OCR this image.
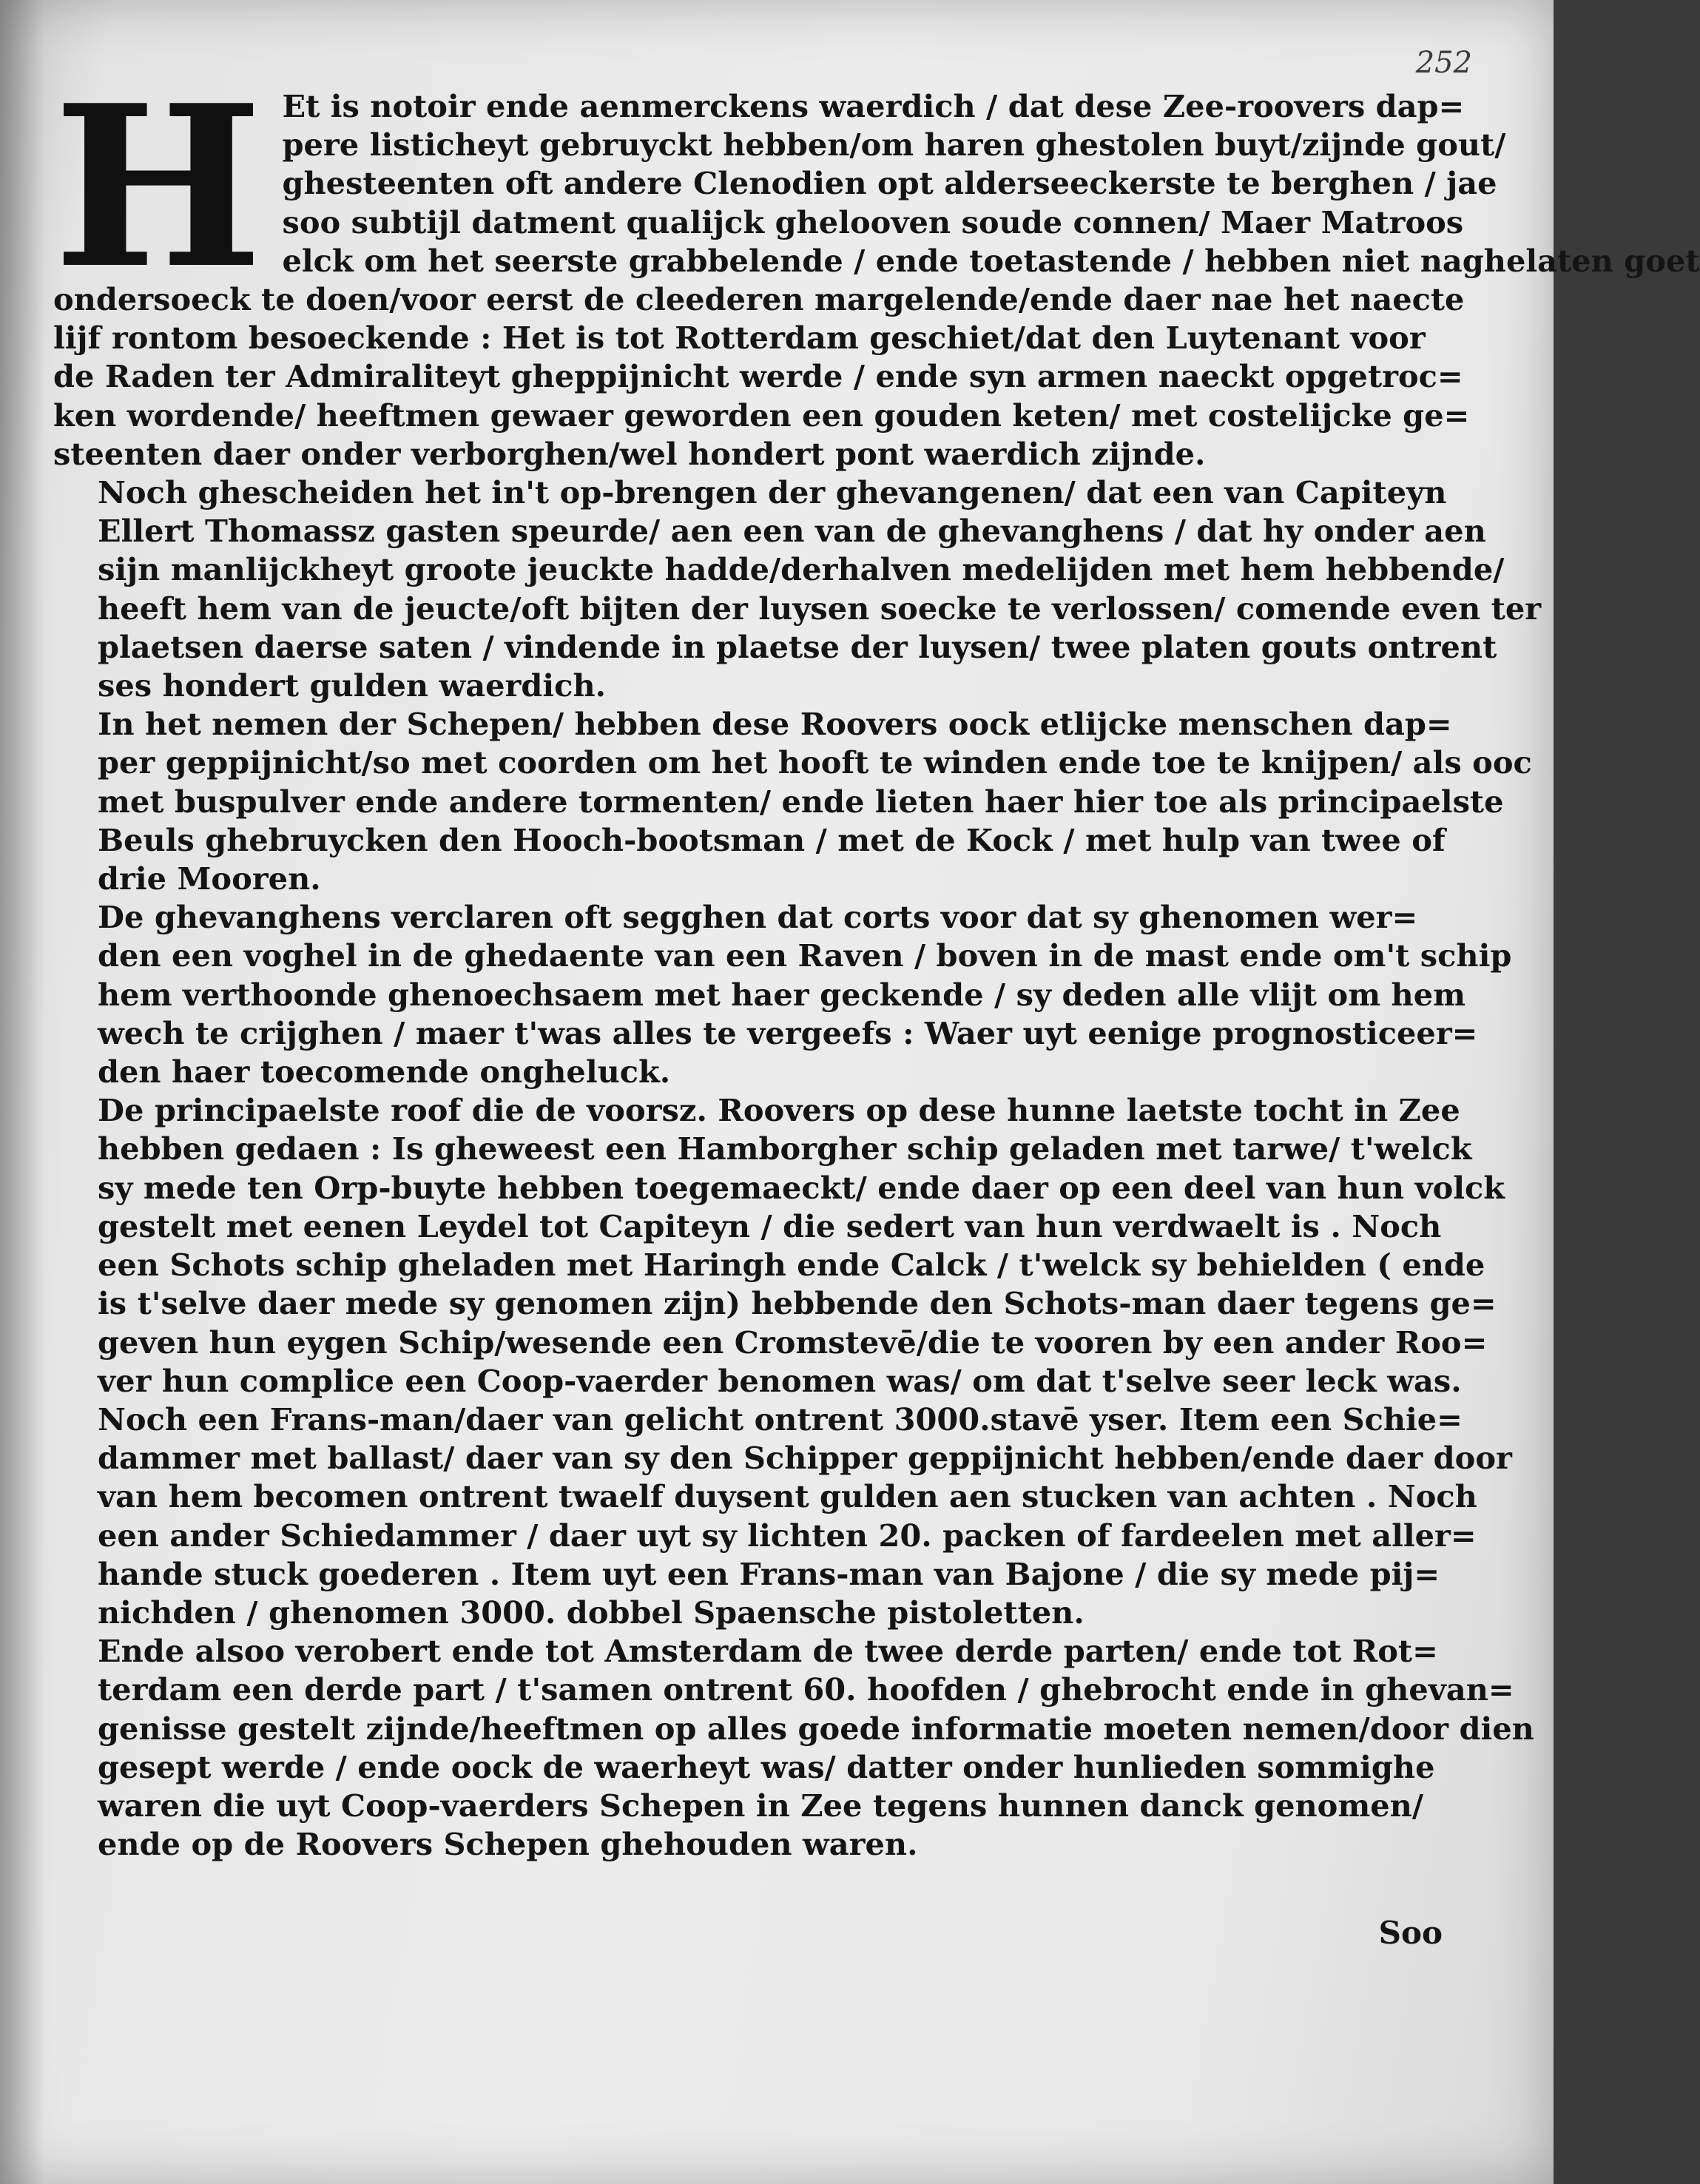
252
H Et is notoir ende aenmerckens waerdich / dat dese Zee-roovers dap=
pere listicheyt gebruyckt hebben/om haren ghestolen buyt/zijnde gout/
ghesteenten oft andere Clenodien opt alderseeckerste te berghen / jae
soo subtijl datment qualijck ghelooven soude connen/ Maer Matroos
elck om het seerste grabbelende / ende toetastende / hebben niet naghelaten goet
ondersoeck te doen/voor eerst de cleederen margelende/ende daer nae het naecte
lijf rontom besoeckende : Het is tot Rotterdam geschiet/dat den Luytenant voor
de Raden ter Admiraliteyt gheppijnicht werde / ende syn armen naeckt opgetroc=
ken wordende/ heeftmen gewaer geworden een gouden keten/ met costelijcke ge=
steenten daer onder verborghen/wel hondert pont waerdich zijnde.
Noch ghescheiden het in't op-brengen der ghevangenen/ dat een van Capiteyn
Ellert Thomassz gasten speurde/ aen een van de ghevanghens / dat hy onder aen
sijn manlijckheyt groote jeuckte hadde/derhalven medelijden met hem hebbende/
heeft hem van de jeucte/oft bijten der luysen soecke te verlossen/ comende even ter
plaetsen daerse saten / vindende in plaetse der luysen/ twee platen gouts ontrent
ses hondert gulden waerdich.
In het nemen der Schepen/ hebben dese Roovers oock etlijcke menschen dap=
per geppijnicht/so met coorden om het hooft te winden ende toe te knijpen/ als ooc
met buspulver ende andere tormenten/ ende lieten haer hier toe als principaelste
Beuls ghebruycken den Hooch-bootsman / met de Kock / met hulp van twee of
drie Mooren.
De ghevanghens verclaren oft segghen dat corts voor dat sy ghenomen wer=
den een voghel in de ghedaente van een Raven / boven in de mast ende om't schip
hem verthoonde ghenoechsaem met haer geckende / sy deden alle vlijt om hem
wech te crijghen / maer t'was alles te vergeefs : Waer uyt eenige prognosticeer=
den haer toecomende ongheluck.
De principaelste roof die de voorsz. Roovers op dese hunne laetste tocht in Zee
hebben gedaen : Is gheweest een Hamborgher schip geladen met tarwe/ t'welck
sy mede ten Orp-buyte hebben toegemaeckt/ ende daer op een deel van hun volck
gestelt met eenen Leydel tot Capiteyn / die sedert van hun verdwaelt is . Noch
een Schots schip gheladen met Haringh ende Calck / t'welck sy behielden ( ende
is t'selve daer mede sy genomen zijn) hebbende den Schots-man daer tegens ge=
geven hun eygen Schip/wesende een Cromstevē/die te vooren by een ander Roo=
ver hun complice een Coop-vaerder benomen was/ om dat t'selve seer leck was.
Noch een Frans-man/daer van gelicht ontrent 3000.stavē yser. Item een Schie=
dammer met ballast/ daer van sy den Schipper geppijnicht hebben/ende daer door
van hem becomen ontrent twaelf duysent gulden aen stucken van achten . Noch
een ander Schiedammer / daer uyt sy lichten 20. packen of fardeelen met aller=
hande stuck goederen . Item uyt een Frans-man van Bajone / die sy mede pij=
nichden / ghenomen 3000. dobbel Spaensche pistoletten.
Ende alsoo verobert ende tot Amsterdam de twee derde parten/ ende tot Rot=
terdam een derde part / t'samen ontrent 60. hoofden / ghebrocht ende in ghevan=
genisse gestelt zijnde/heeftmen op alles goede informatie moeten nemen/door dien
gesept werde / ende oock de waerheyt was/ datter onder hunlieden sommighe
waren die uyt Coop-vaerders Schepen in Zee tegens hunnen danck genomen/
ende op de Roovers Schepen ghehouden waren.
Soo
